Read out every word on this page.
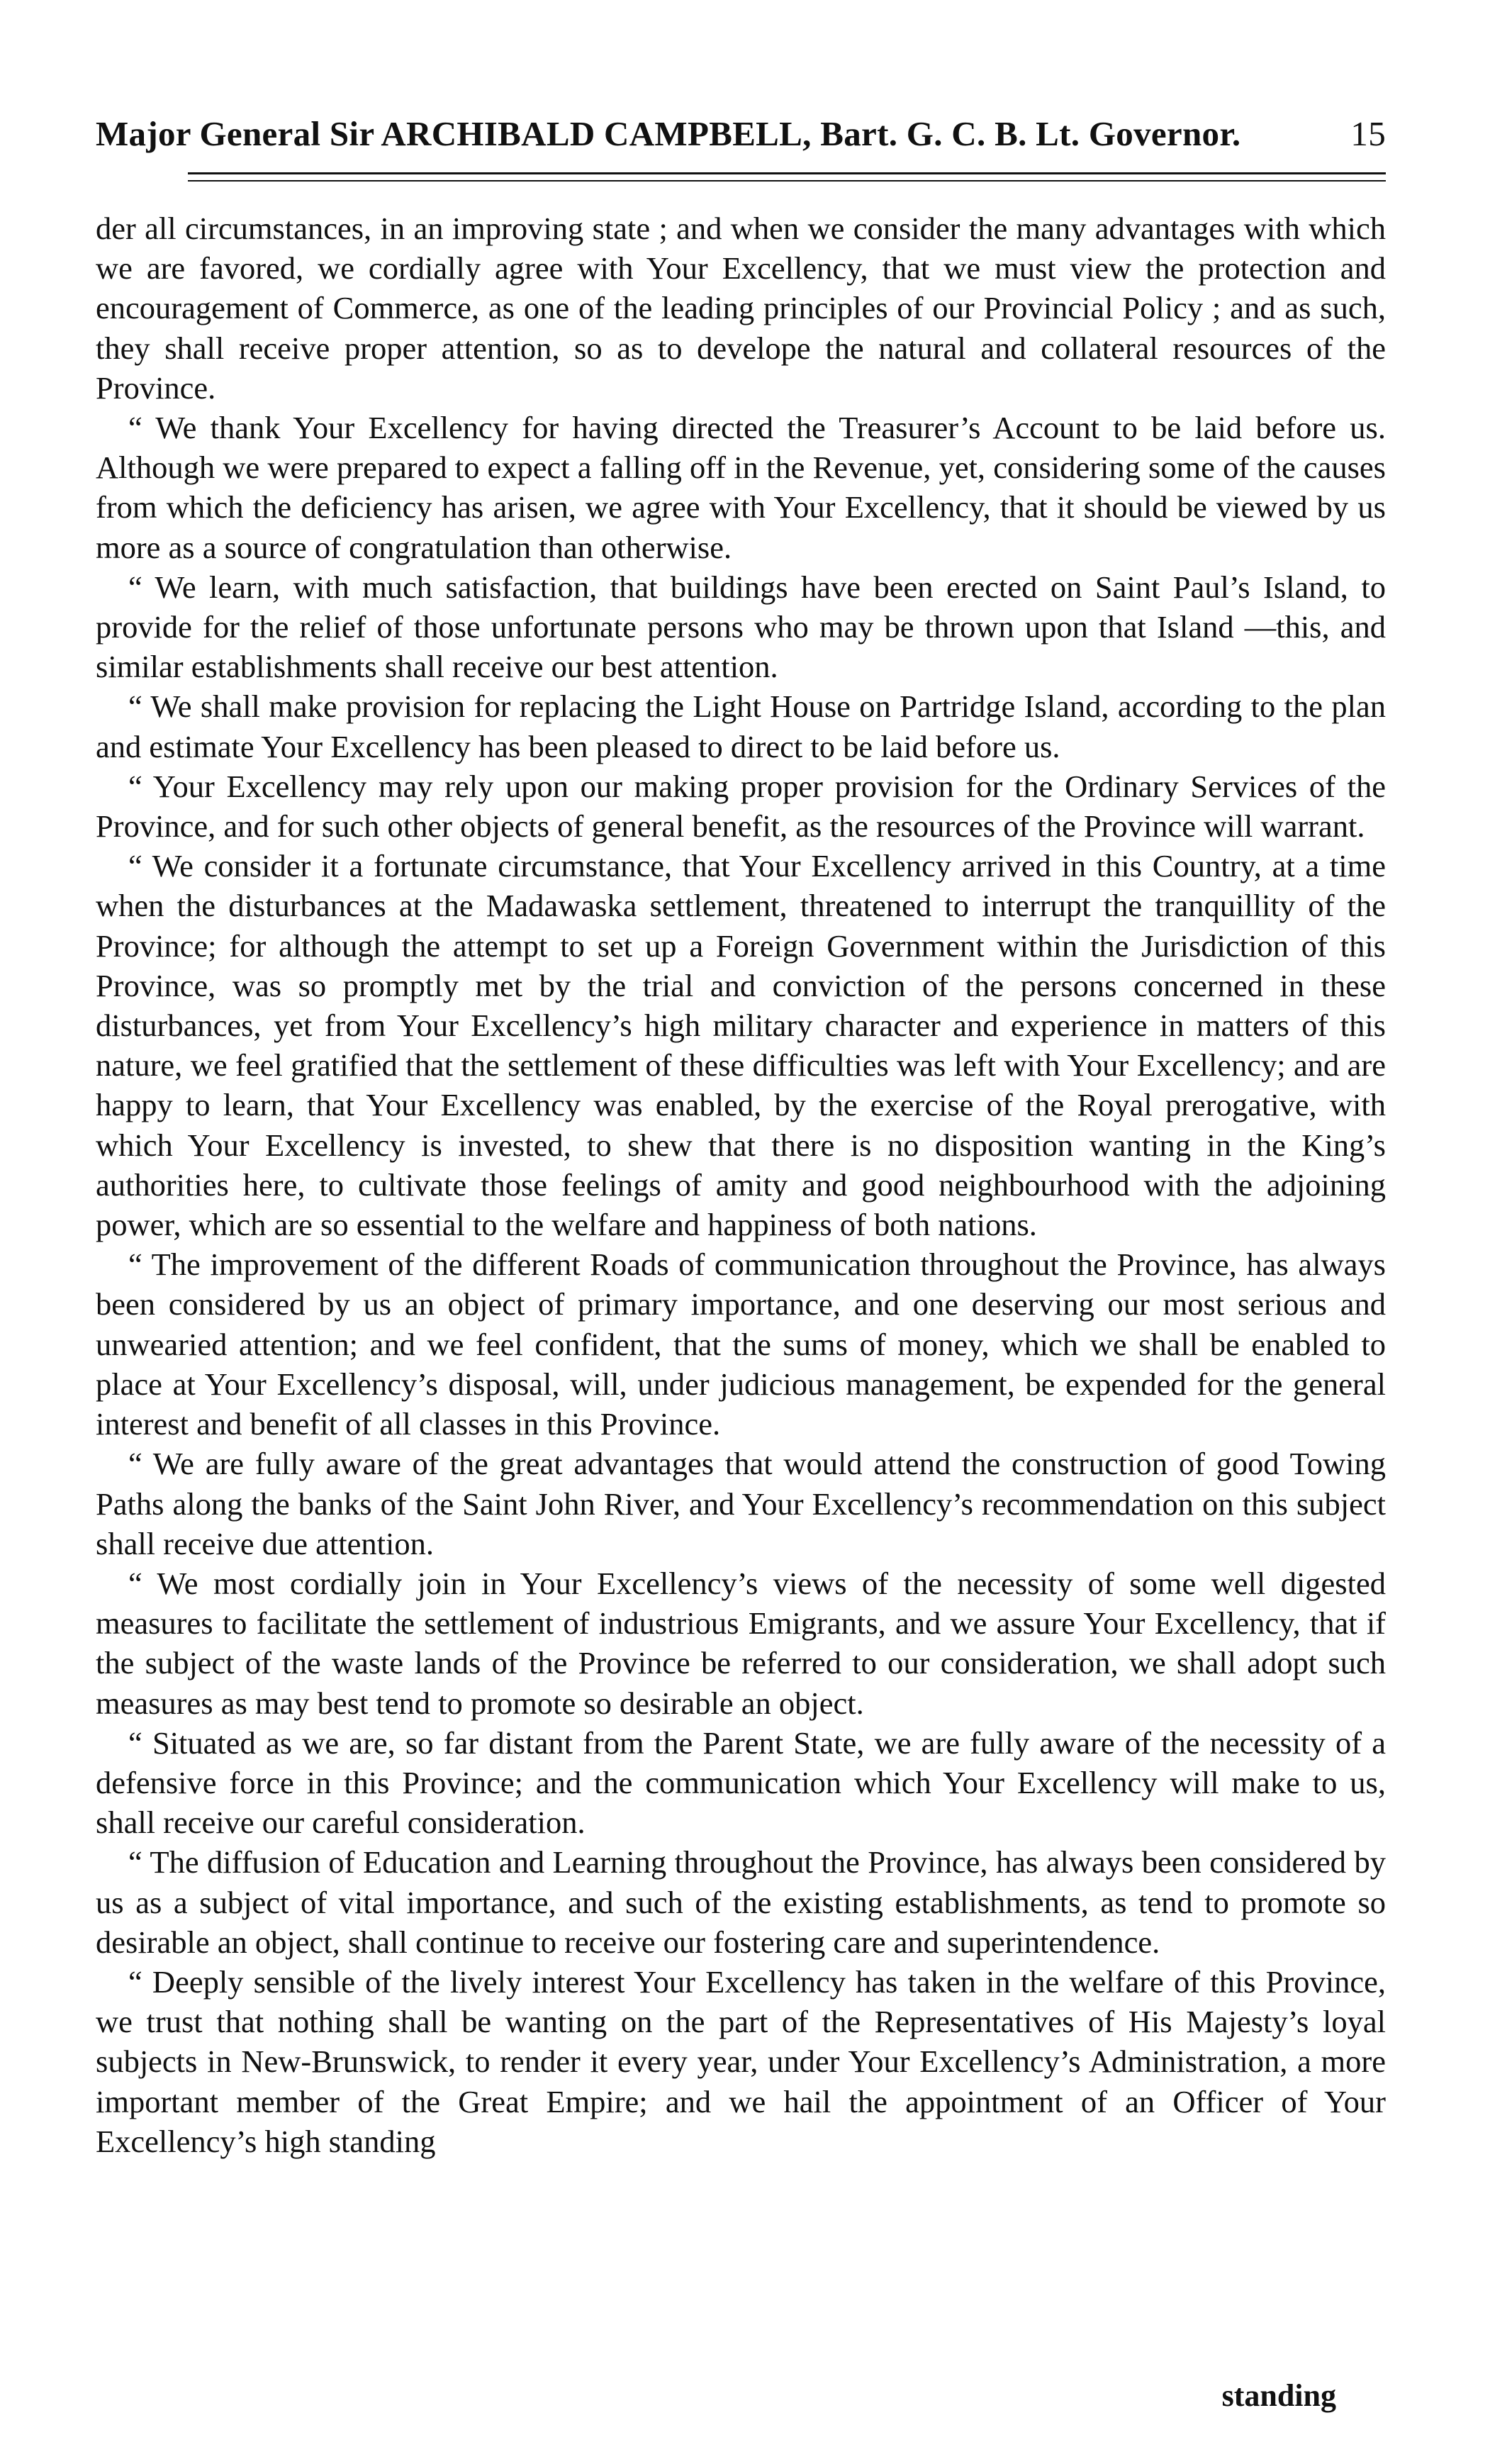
Major General Sir ARCHIBALD CAMPBELL, Bart. G. C. B. Lt. Governor.	15

der all circumstances, in an improving state ; and when we consider the many advantages with which we are favored, we cordially agree with Your Excellency, that we must view the protection and encouragement of Commerce, as one of the leading principles of our Provincial Policy ; and as such, they shall receive proper attention, so as to develope the natural and collateral resources of the Province.

“ We thank Your Excellency for having directed the Treasurer’s Account to be laid before us. Although we were prepared to expect a falling off in the Revenue, yet, considering some of the causes from which the deficiency has arisen, we agree with Your Excellency, that it should be viewed by us more as a source of congratulation than otherwise.

“ We learn, with much satisfaction, that buildings have been erected on Saint Paul’s Island, to provide for the relief of those unfortunate persons who may be thrown upon that Island —this, and similar establishments shall receive our best attention.

“ We shall make provision for replacing the Light House on Partridge Island, according to the plan and estimate Your Excellency has been pleased to direct to be laid before us.

“ Your Excellency may rely upon our making proper provision for the Ordinary Services of the Province, and for such other objects of general benefit, as the resources of the Province will warrant.

“ We consider it a fortunate circumstance, that Your Excellency arrived in this Country, at a time when the disturbances at the Madawaska settlement, threatened to interrupt the tranquillity of the Province; for although the attempt to set up a Foreign Government within the Jurisdiction of this Province, was so promptly met by the trial and conviction of the persons concerned in these disturbances, yet from Your Excellency’s high military character and experience in matters of this nature, we feel gratified that the settlement of these difficulties was left with Your Excellency; and are happy to learn, that Your Excellency was enabled, by the exercise of the Royal prerogative, with which Your Excellency is invested, to shew that there is no disposition wanting in the King’s authorities here, to cultivate those feelings of amity and good neighbourhood with the adjoining power, which are so essential to the welfare and happiness of both nations.

“ The improvement of the different Roads of communication throughout the Province, has always been considered by us an object of primary importance, and one deserving our most serious and unwearied attention; and we feel confident, that the sums of money, which we shall be enabled to place at Your Excellency’s disposal, will, under judicious management, be expended for the general interest and benefit of all classes in this Province.

“ We are fully aware of the great advantages that would attend the construction of good Towing Paths along the banks of the Saint John River, and Your Excellency’s recommendation on this subject shall receive due attention.

“ We most cordially join in Your Excellency’s views of the necessity of some well digested measures to facilitate the settlement of industrious Emigrants, and we assure Your Excellency, that if the subject of the waste lands of the Province be referred to our consideration, we shall adopt such measures as may best tend to promote so desirable an object.

“ Situated as we are, so far distant from the Parent State, we are fully aware of the necessity of a defensive force in this Province; and the communication which Your Excellency will make to us, shall receive our careful consideration.

“ The diffusion of Education and Learning throughout the Province, has always been considered by us as a subject of vital importance, and such of the existing establishments, as tend to promote so desirable an object, shall continue to receive our fostering care and superintendence.

“ Deeply sensible of the lively interest Your Excellency has taken in the welfare of this Province, we trust that nothing shall be wanting on the part of the Representatives of His Majesty’s loyal subjects in New-Brunswick, to render it every year, under Your Excellency’s Administration, a more important member of the Great Empire; and we hail the appointment of an Officer of Your Excellency’s high standing

standing
